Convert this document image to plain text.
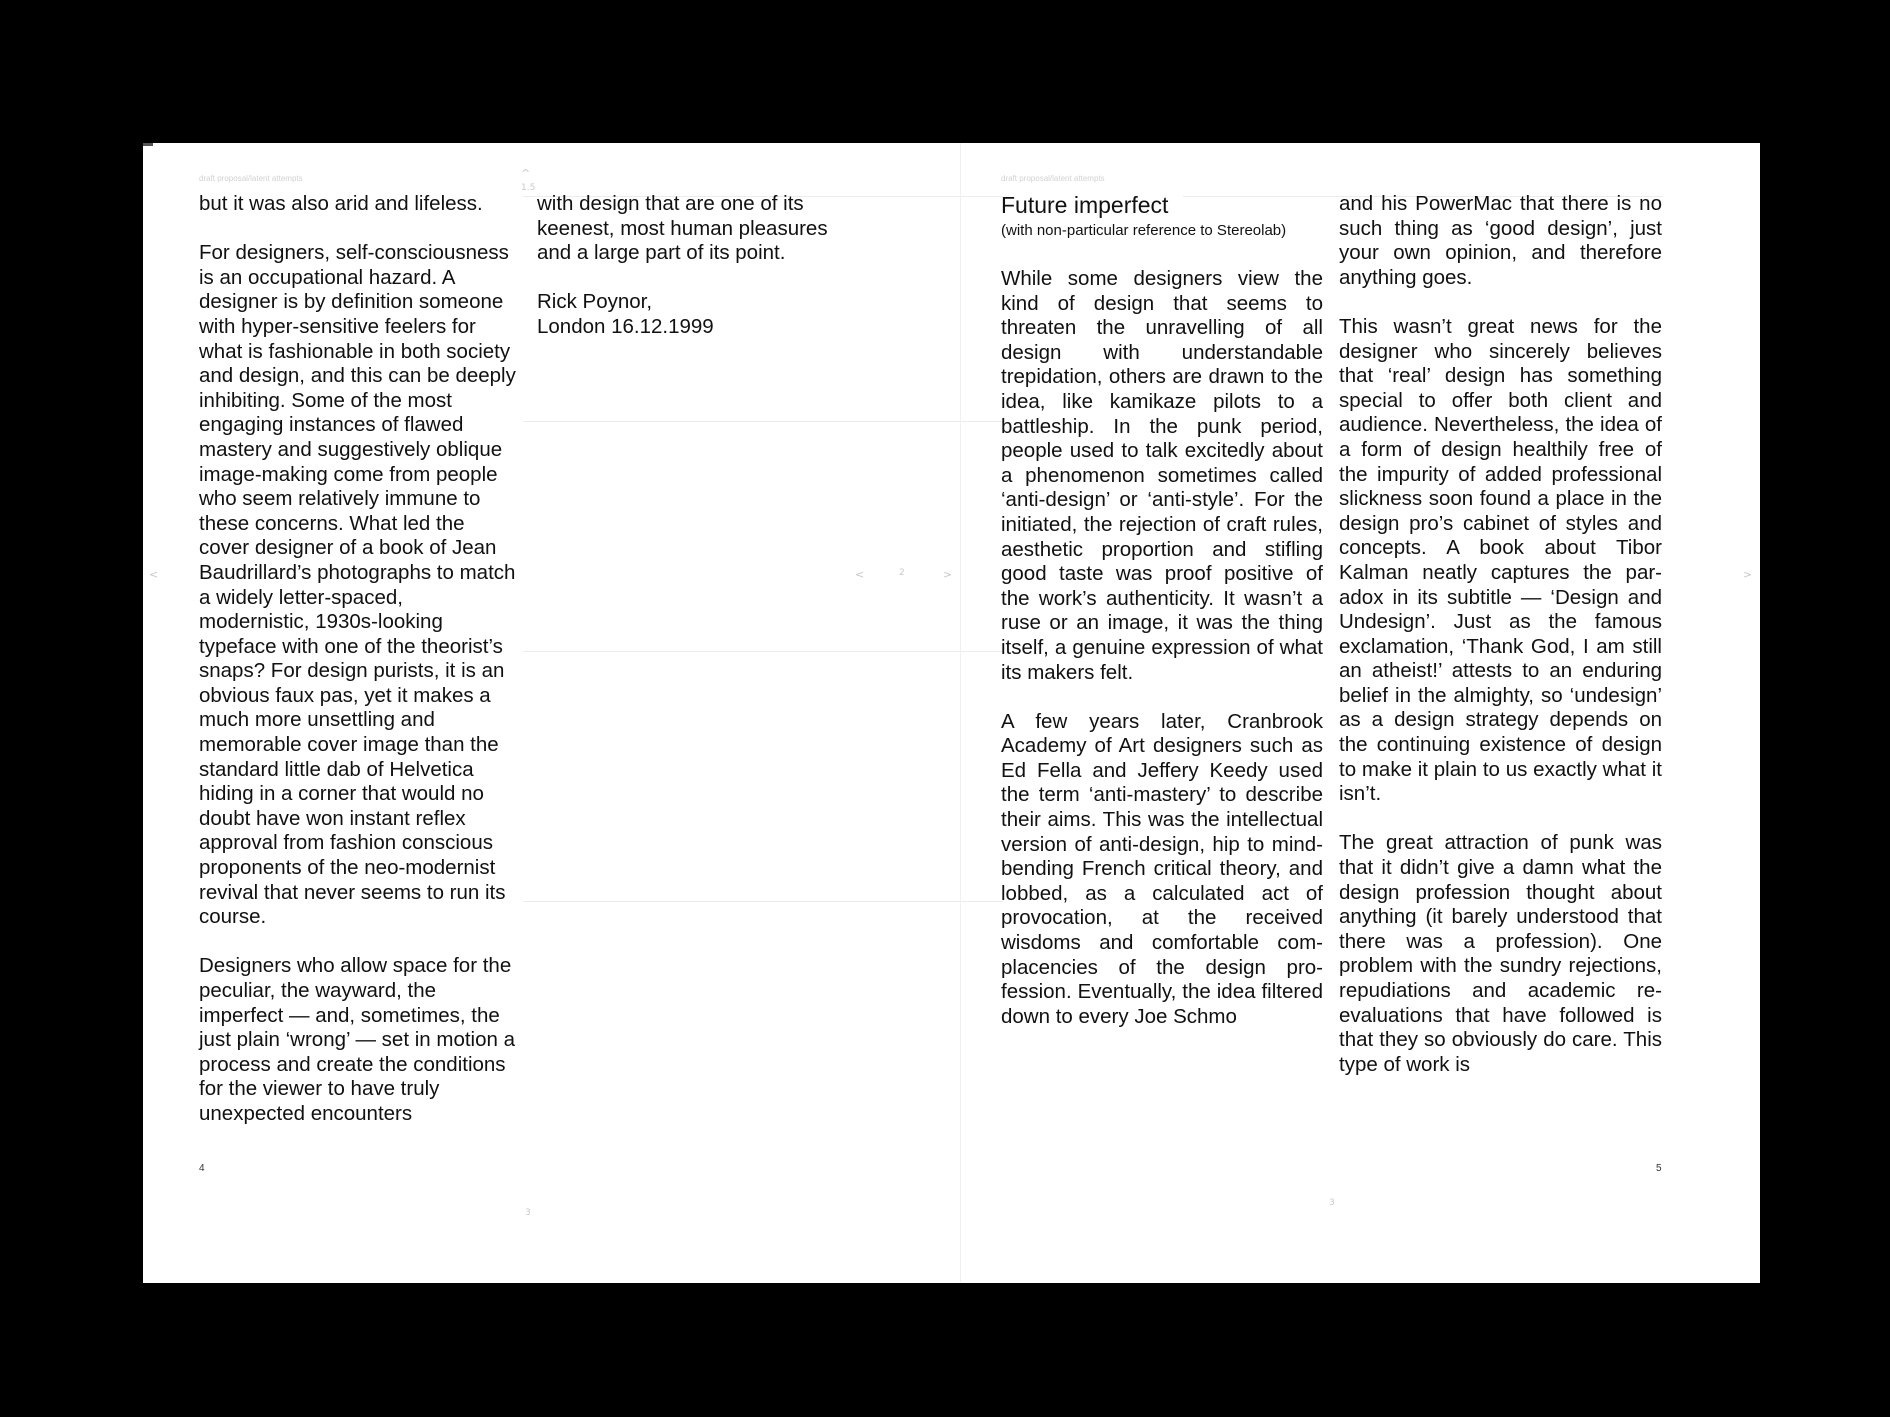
draft proposal/latent attempts	draft proposal/latent attempts
^
1.5
<	<	2	>	>
3
3

but it was also arid and lifeless.

For designers, self-consciousness is an occupational hazard. A designer is by definition someone with hyper-sensitive feelers for what is fashionable in both society and design, and this can be deeply inhibiting. Some of the most engaging instances of flawed mastery and suggestively oblique image-making come from people who seem relatively immune to these concerns. What led the cover designer of a book of Jean Baudrillard’s photographs to match a widely letter-spaced, modernistic, 1930s-looking typeface with one of the theorist’s snaps? For design purists, it is an obvious faux pas, yet it makes a much more unsettling and memorable cover image than the standard little dab of Helvetica hiding in a corner that would no doubt have won instant reflex approval from fashion conscious proponents of the neo-modernist revival that never seems to run its course.

Designers who allow space for the peculiar, the wayward, the imperfect — and, sometimes, the just plain ‘wrong’ — set in motion a process and create the conditions for the viewer to have truly unexpected encounters

with design that are one of its keenest, most human pleasures and a large part of its point.

Rick Poynor,
London 16.12.1999
4
Future imperfect
(with non-particular reference to Stereolab)

While some designers view the kind of design that seems to threaten the unravelling of all design with understandable trepidation, others are drawn to the idea, like kamikaze pilots to a battleship. In the punk period, people used to talk excitedly about a phenomenon sometimes called ‘anti-design’ or ‘anti-style’. For the initiated, the rejection of craft rules, aesthetic proportion and stifling good taste was proof positive of the work’s authenticity. It wasn’t a ruse or an image, it was the thing itself, a genuine expression of what its makers felt.

A few years later, Cranbrook Academy of Art designers such as Ed Fella and Jeffery Keedy used the term ‘anti-mastery’ to describe their aims. This was the intellectual version of anti-design, hip to mind-bending French critical theory, and lobbed, as a calculated act of provocation, at the received wisdoms and comfortable complacencies of the design profession. Eventually, the idea filtered down to every Joe Schmo

and his PowerMac that there is no such thing as ‘good design’, just your own opinion, and therefore anything goes.

This wasn’t great news for the designer who sincerely believes that ‘real’ design has something special to offer both client and audience. Nevertheless, the idea of a form of design healthily free of the impurity of added professional slickness soon found a place in the design pro’s cabinet of styles and concepts. A book about Tibor Kalman neatly captures the paradox in its subtitle — ‘Design and Undesign’. Just as the famous exclamation, ‘Thank God, I am still an atheist!’ attests to an enduring belief in the almighty, so ‘undesign’ as a design strategy depends on the continuing existence of design to make it plain to us exactly what it isn’t.

The great attraction of punk was that it didn’t give a damn what the design profession thought about anything (it barely understood that there was a profession). One problem with the sundry rejections, repudiations and academic re-evaluations that have followed is that they so obviously do care. This type of work is

5
